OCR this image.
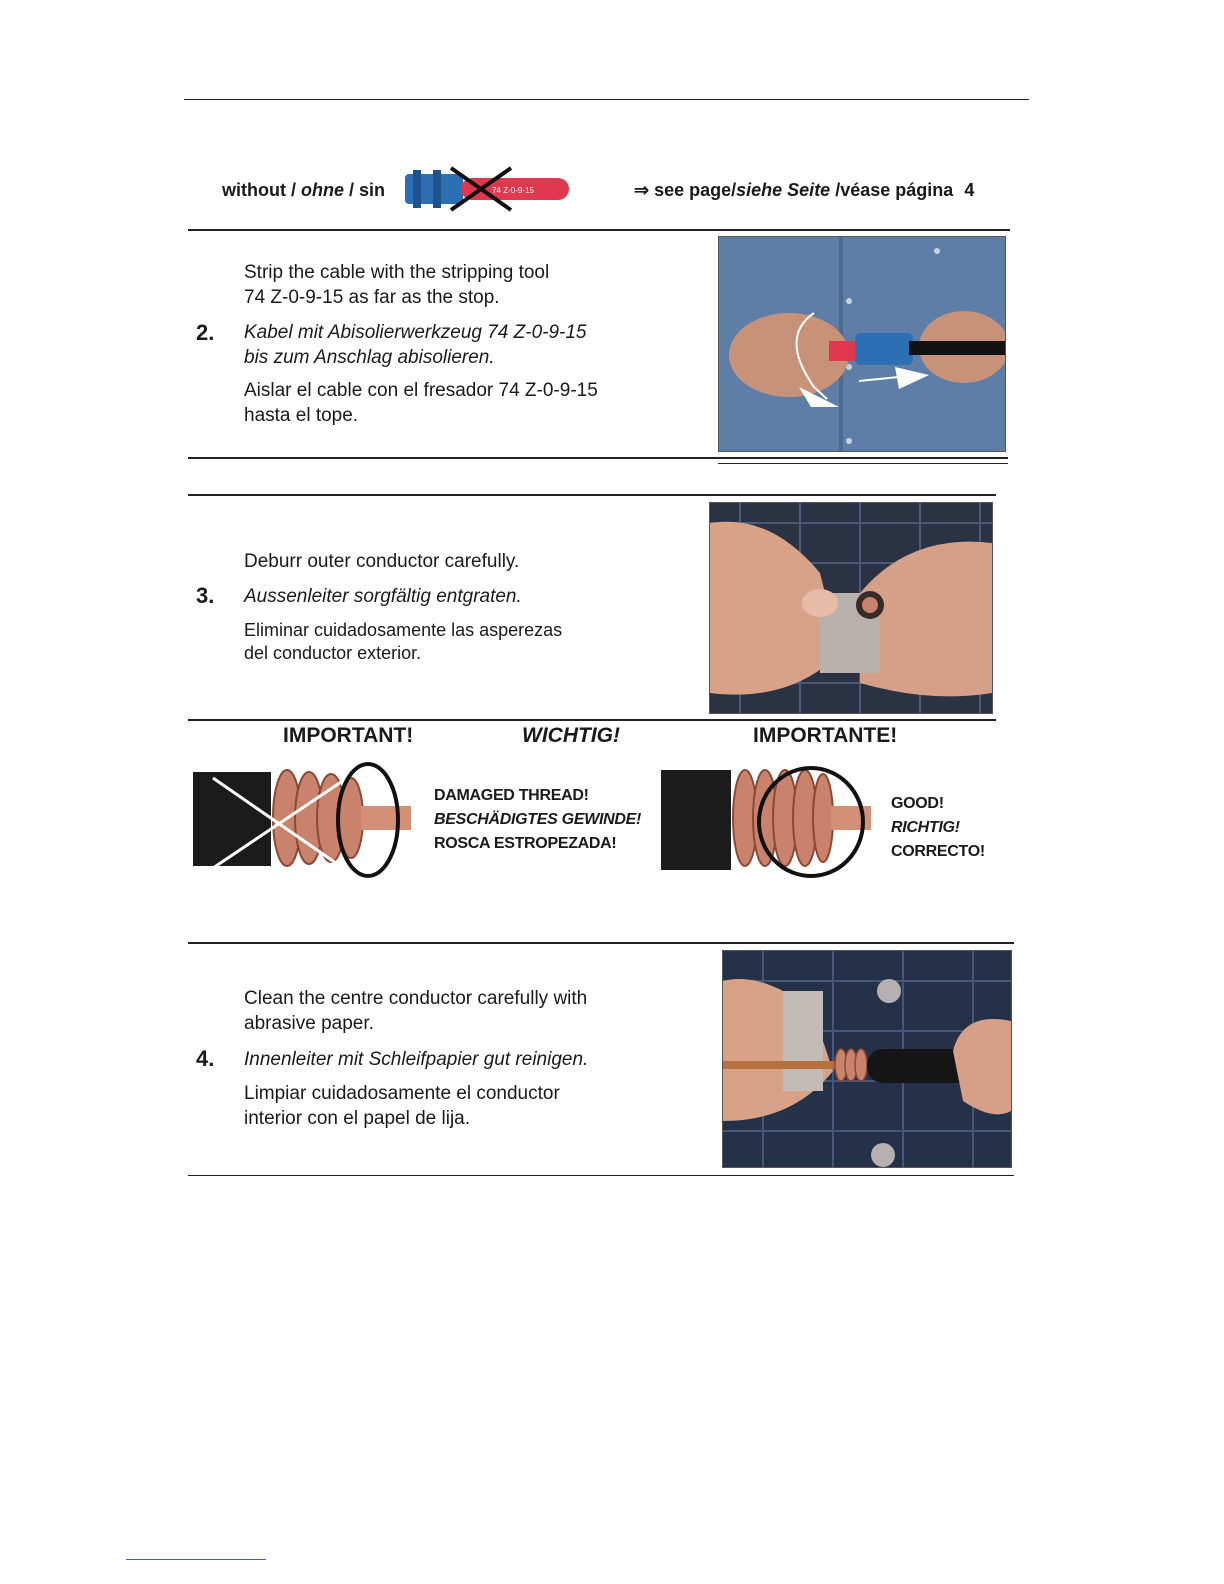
without / ohne / sin	74 Z-0-9-15	⇒ see page/siehe Seite /véase página 4
2.
Strip the cable with the stripping tool
74 Z-0-9-15 as far as the stop.
Kabel mit Abisolierwerkzeug 74 Z-0-9-15
bis zum Anschlag abisolieren.
Aislar el cable con el fresador 74 Z-0-9-15
hasta el tope.
3.
Deburr outer conductor carefully.
Aussenleiter sorgfältig entgraten.
Eliminar cuidadosamente las asperezas
del conductor exterior.
IMPORTANT!	WICHTIG!	IMPORTANTE!
DAMAGED THREAD!
BESCHÄDIGTES GEWINDE!
ROSCA ESTROPEZADA!
GOOD!
RICHTIG!
CORRECTO!
4.
Clean the centre conductor carefully with
abrasive paper.
Innenleiter mit Schleifpapier gut reinigen.
Limpiar cuidadosamente el conductor
interior con el papel de lija.
